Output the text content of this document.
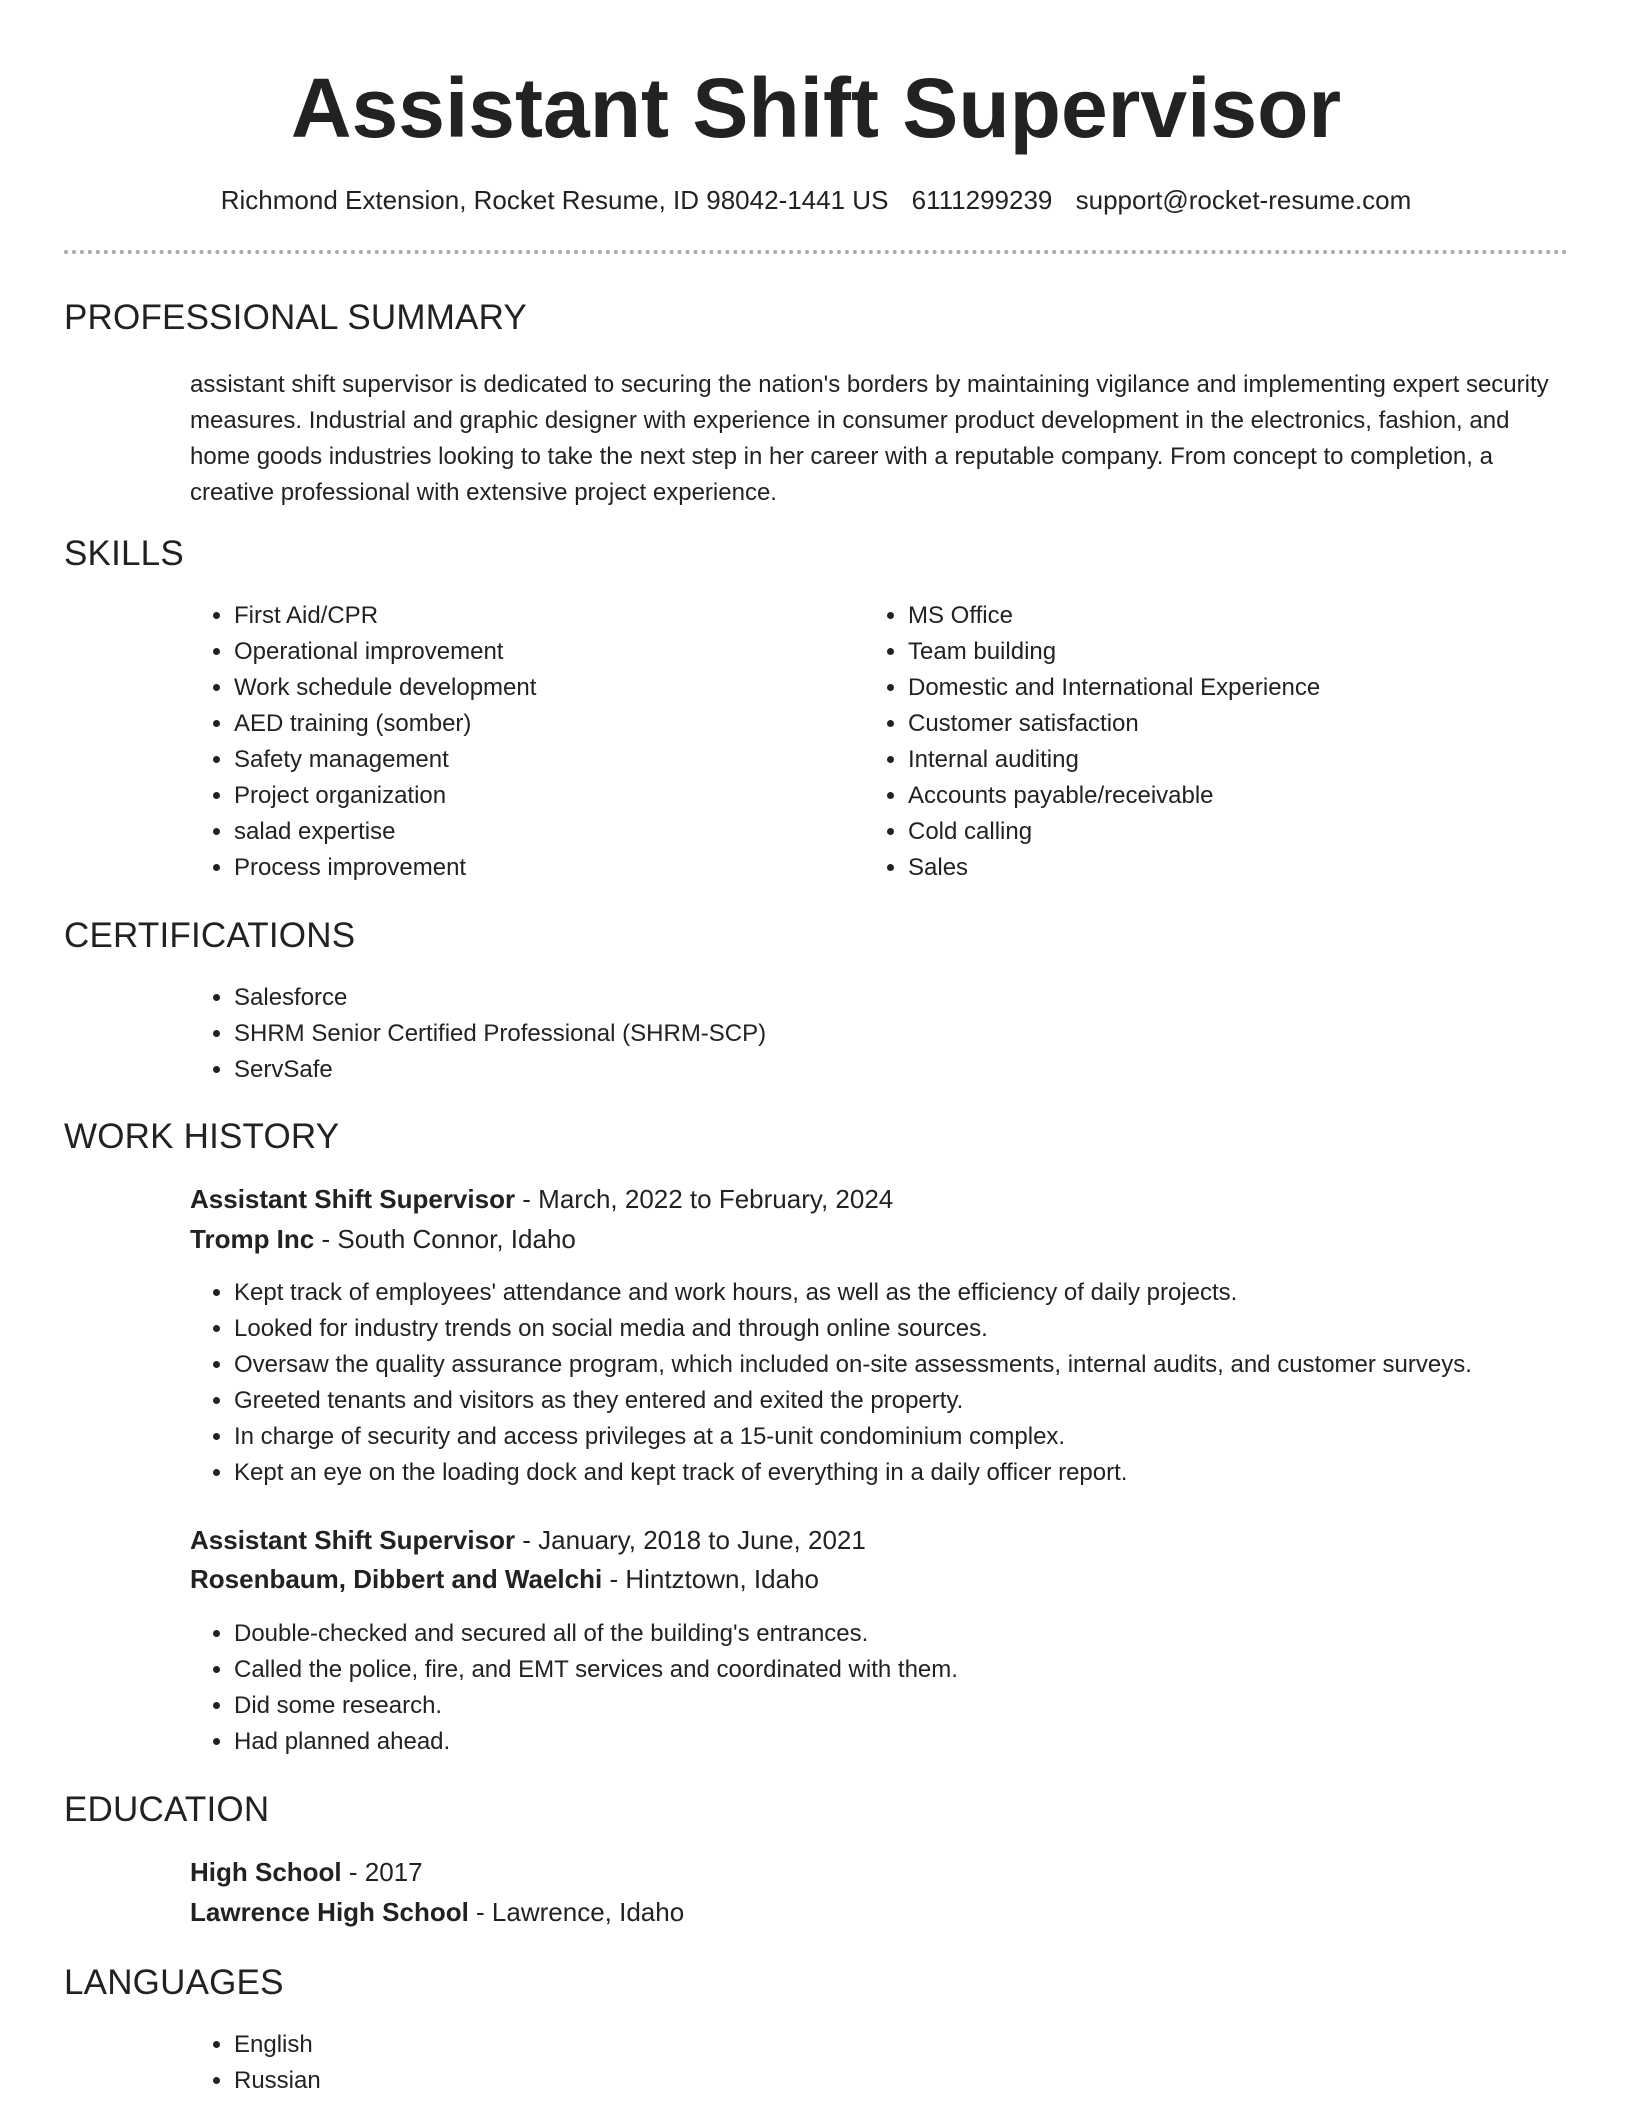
Assistant Shift Supervisor
Richmond Extension, Rocket Resume, ID 98042-1441 US 6111299239 support@rocket-resume.com
PROFESSIONAL SUMMARY

assistant shift supervisor is dedicated to securing the nation's borders by maintaining vigilance and implementing expert security measures. Industrial and graphic designer with experience in consumer product development in the electronics, fashion, and home goods industries looking to take the next step in her career with a reputable company. From concept to completion, a creative professional with extensive project experience.

SKILLS
• First Aid/CPR
• Operational improvement
• Work schedule development
• AED training (somber)
• Safety management
• Project organization
• salad expertise
• Process improvement
• MS Office
• Team building
• Domestic and International Experience
• Customer satisfaction
• Internal auditing
• Accounts payable/receivable
• Cold calling
• Sales
CERTIFICATIONS
• Salesforce
• SHRM Senior Certified Professional (SHRM-SCP)
• ServSafe
WORK HISTORY
Assistant Shift Supervisor - March, 2022 to February, 2024
Tromp Inc - South Connor, Idaho
• Kept track of employees' attendance and work hours, as well as the efficiency of daily projects.
• Looked for industry trends on social media and through online sources.
• Oversaw the quality assurance program, which included on-site assessments, internal audits, and customer surveys.
• Greeted tenants and visitors as they entered and exited the property.
• In charge of security and access privileges at a 15-unit condominium complex.
• Kept an eye on the loading dock and kept track of everything in a daily officer report.
Assistant Shift Supervisor - January, 2018 to June, 2021
Rosenbaum, Dibbert and Waelchi - Hintztown, Idaho
• Double-checked and secured all of the building's entrances.
• Called the police, fire, and EMT services and coordinated with them.
• Did some research.
• Had planned ahead.
EDUCATION
High School - 2017
Lawrence High School - Lawrence, Idaho
LANGUAGES
• English
• Russian
